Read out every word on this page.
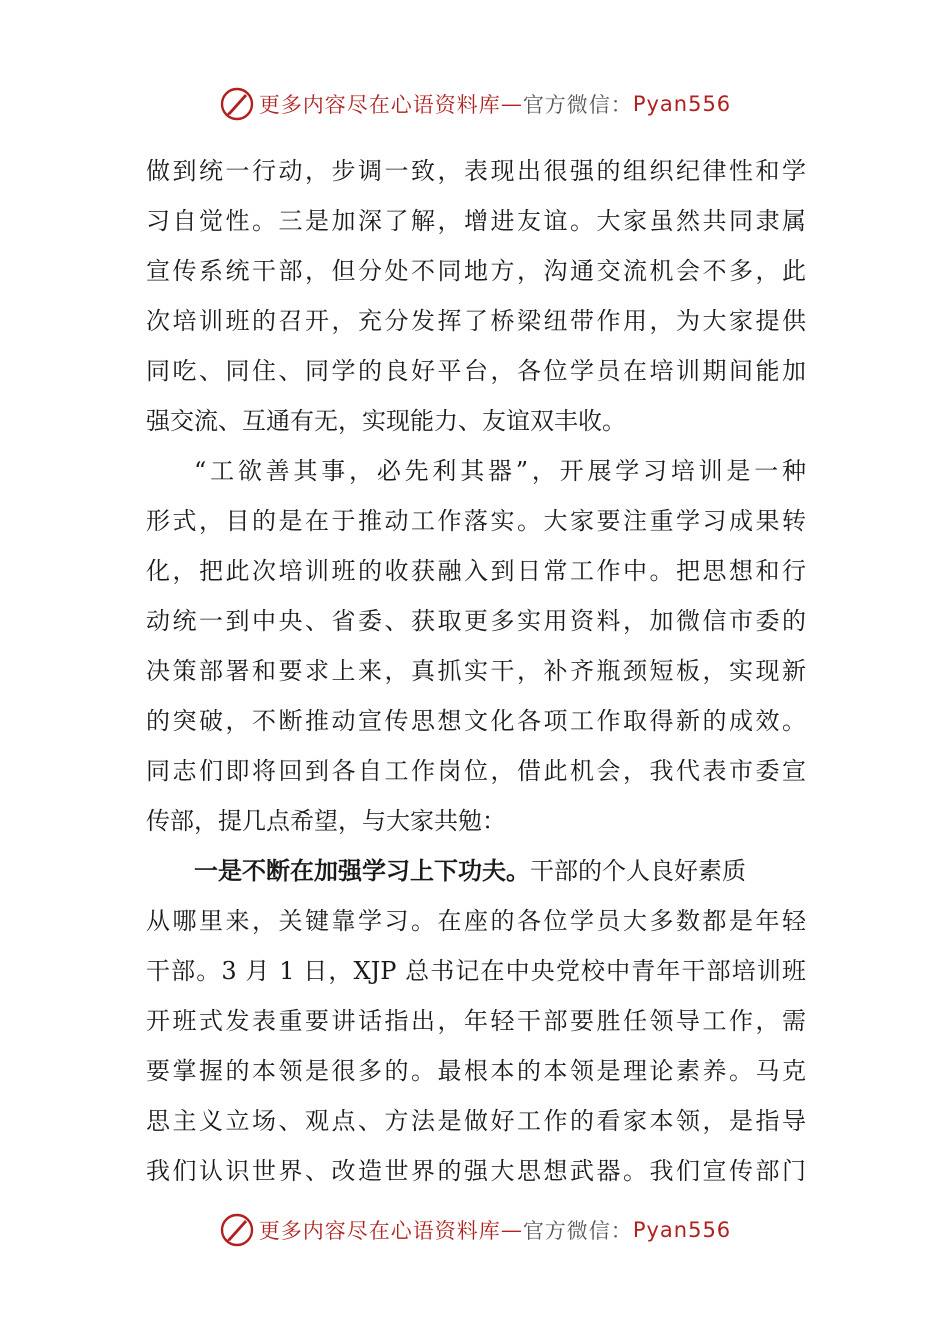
更多内容尽在心语资料库 — 官方微信： Pyan556
做到统一行动，步调一致，表现出很强的组织纪律性和学
习自觉性。三是加深了解，增进友谊。大家虽然共同隶属
宣传系统干部，但分处不同地方，沟通交流机会不多，此
次培训班的召开，充分发挥了桥梁纽带作用，为大家提供
同吃、同住、同学的良好平台，各位学员在培训期间能加
强交流、互通有无，实现能力、友谊双丰收。
“工欲善其事，必先利其器”，开展学习培训是一种
形式，目的是在于推动工作落实。大家要注重学习成果转
化，把此次培训班的收获融入到日常工作中。把思想和行
动统一到中央、省委、获取更多实用资料，加微信市委的
决策部署和要求上来，真抓实干，补齐瓶颈短板，实现新
的突破，不断推动宣传思想文化各项工作取得新的成效。
同志们即将回到各自工作岗位，借此机会，我代表市委宣
传部，提几点希望，与大家共勉：
一是不断在加强学习上下功夫。干部的个人良好素质
从哪里来，关键靠学习。在座的各位学员大多数都是年轻
干部。3 月 1 日，XJP 总书记在中央党校中青年干部培训班
开班式发表重要讲话指出，年轻干部要胜任领导工作，需
要掌握的本领是很多的。最根本的本领是理论素养。马克
思主义立场、观点、方法是做好工作的看家本领，是指导
我们认识世界、改造世界的强大思想武器。我们宣传部门
更多内容尽在心语资料库 — 官方微信： Pyan556
